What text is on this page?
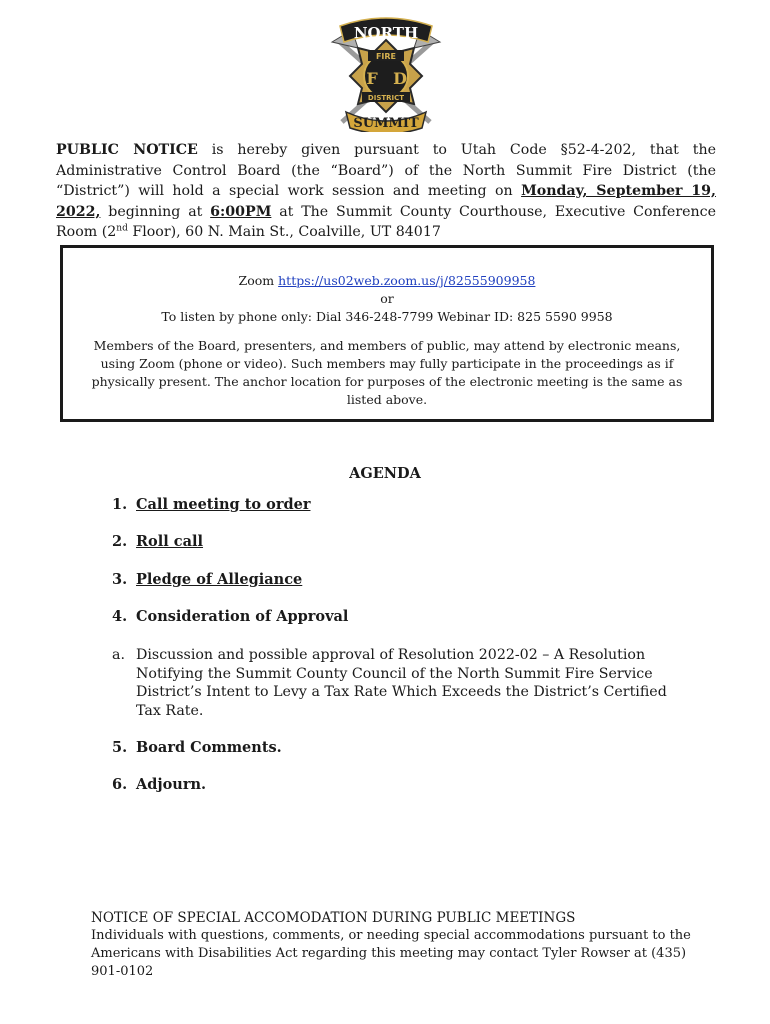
NORTH
FIRE
F D
DISTRICT
SUMMIT
PUBLIC NOTICE is hereby given pursuant to Utah Code §52-4-202, that the Administrative Control Board (the “Board”) of the North Summit Fire District (the “District”) will hold a special work session and meeting on Monday, September 19, 2022, beginning at 6:00PM at The Summit County Courthouse, Executive Conference Room (2nd Floor), 60 N. Main St., Coalville, UT 84017
Zoom https://us02web.zoom.us/j/82555909958
or
To listen by phone only: Dial 346-248-7799 Webinar ID: 825 5590 9958
Members of the Board, presenters, and members of public, may attend by electronic means, using Zoom (phone or video). Such members may fully participate in the proceedings as if physically present. The anchor location for purposes of the electronic meeting is the same as listed above.
AGENDA
1. Call meeting to order
2. Roll call
3. Pledge of Allegiance
4. Consideration of Approval
a. Discussion and possible approval of Resolution 2022-02 – A Resolution Notifying the Summit County Council of the North Summit Fire Service District’s Intent to Levy a Tax Rate Which Exceeds the District’s Certified Tax Rate.
5. Board Comments.
6. Adjourn.
NOTICE OF SPECIAL ACCOMODATION DURING PUBLIC MEETINGS
Individuals with questions, comments, or needing special accommodations pursuant to the Americans with Disabilities Act regarding this meeting may contact Tyler Rowser at (435) 901-0102
